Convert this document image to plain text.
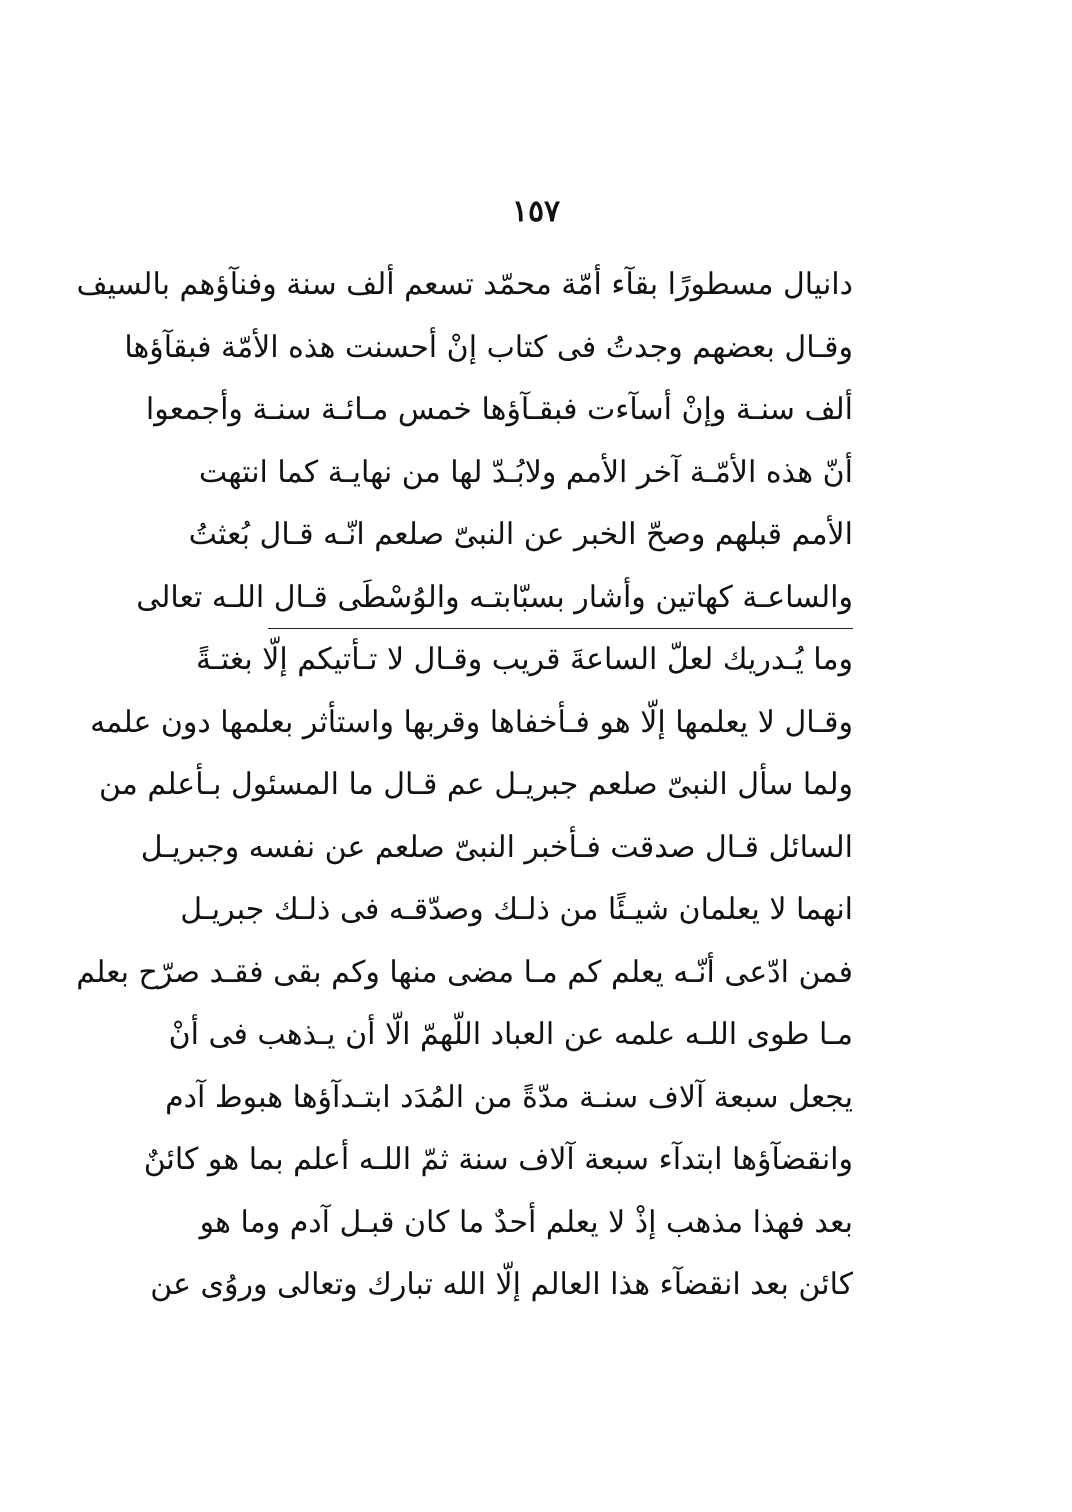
١٥٧
دانيال مسطورًا بقآء أمّة محمّد تسعم ألف سنة وفنآؤهم بالسيف
وقـال بعضهم وجدتُ فى كتاب إنْ أحسنت هذه الأمّة فبقآؤها
ألف سنـة وإنْ أسآءت فبقـآؤها خمس مـائـة سنـة وأجمعوا
أنّ هذه الأمّـة آخر الأمم ولابُـدّ لها من نهايـة كما انتهت
الأمم قبلهم وصحّ الخبر عن النبىّ صلعم انّـه قـال بُعثتُ
والساعـة كهاتين وأشار بسبّابتـه والوُسْطَى قـال اللـه تعالى
وما يُـدريك لعلّ الساعةَ قريب وقـال لا تـأتيكم إلّا بغتـةً
وقـال لا يعلمها إلّا هو فـأخفاها وقربها واستأثر بعلمها دون علمه
ولما سأل النبىّ صلعم جبريـل عم قـال ما المسئول بـأعلم من
السائل قـال صدقت فـأخبر النبىّ صلعم عن نفسه وجبريـل
انهما لا يعلمان شيـئًا من ذلـك وصدّقـه فى ذلـك جبريـل
فمن ادّعى أنّـه يعلم كم مـا مضى منها وكم بقى فقـد صرّح بعلم
مـا طوى اللـه علمه عن العباد اللّهمّ الّا أن يـذهب فى أنْ
يجعل سبعة آلاف سنـة مدّةً من المُدَد ابتـدآؤها هبوط آدم
وانقضآؤها ابتدآء سبعة آلاف سنة ثمّ اللـه أعلم بما هو كائنٌ
بعد فهذا مذهب إذْ لا يعلم أحدٌ ما كان قبـل آدم وما هو
كائن بعد انقضآء هذا العالم إلّا الله تبارك وتعالى وروُى عن
